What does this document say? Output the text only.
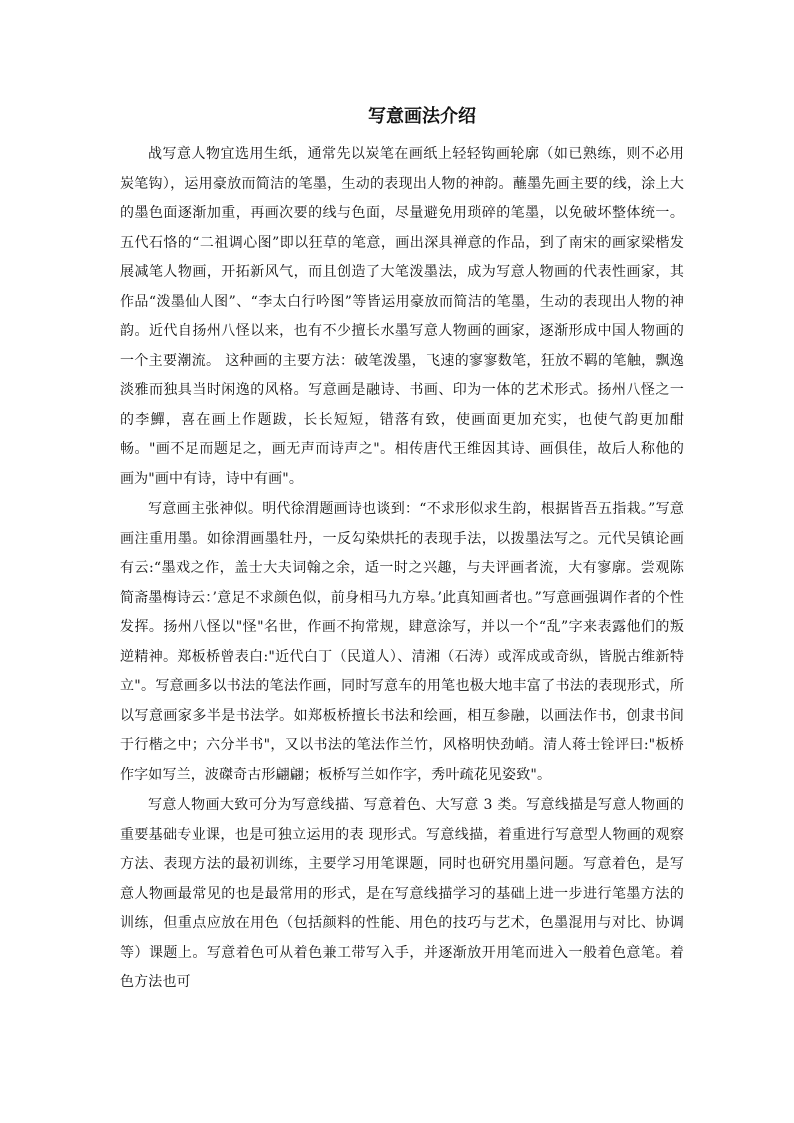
写意画法介绍

战写意人物宜选用生纸，通常先以炭笔在画纸上轻轻钩画轮廓（如已熟练，则不必用炭笔钩），运用豪放而简洁的笔墨，生动的表现出人物的神韵。蘸墨先画主要的线，涂上大的墨色面逐渐加重，再画次要的线与色面，尽量避免用琐碎的笔墨，以免破坏整体统一。 五代石恪的“二祖调心图”即以狂草的笔意，画出深具禅意的作品，到了南宋的画家梁楷发展减笔人物画，开拓新风气，而且创造了大笔泼墨法，成为写意人物画的代表性画家，其作品“泼墨仙人图”、“李太白行吟图”等皆运用豪放而简洁的笔墨，生动的表现出人物的神韵。近代自扬州八怪以来，也有不少擅长水墨写意人物画的画家，逐渐形成中国人物画的一个主要潮流。 这种画的主要方法：破笔泼墨，飞速的寥寥数笔，狂放不羁的笔触，飘逸淡雅而独具当时闲逸的风格。写意画是融诗、书画、印为一体的艺术形式。扬州八怪之一的李鱓，喜在画上作题跋，长长短短，错落有致，使画面更加充实，也使气韵更加酣畅。"画不足而题足之，画无声而诗声之"。相传唐代王维因其诗、画俱佳，故后人称他的画为"画中有诗，诗中有画"。

写意画主张神似。明代徐渭题画诗也谈到：“不求形似求生韵，根据皆吾五指栽。”写意画注重用墨。如徐渭画墨牡丹，一反勾染烘托的表现手法，以拨墨法写之。元代吴镇论画有云:“墨戏之作，盖士大夫词翰之余，适一时之兴趣，与夫评画者流，大有寥廓。尝观陈简斋墨梅诗云：’意足不求颜色似，前身相马九方皋。’此真知画者也。”写意画强调作者的个性发挥。扬州八怪以"怪"名世，作画不拘常规，肆意涂写，并以一个“乱”字来表露他们的叛逆精神。郑板桥曾表白:"近代白丁（民道人）、清湘（石涛）或浑成或奇纵，皆脱古维新特立"。写意画多以书法的笔法作画，同时写意车的用笔也极大地丰富了书法的表现形式，所以写意画家多半是书法学。如郑板桥擅长书法和绘画，相互参融，以画法作书，创隶书间于行楷之中；六分半书"，又以书法的笔法作兰竹，风格明快劲峭。清人蒋士铨评曰:"板桥作字如写兰，波磔奇古形翩翩；板桥写兰如作字，秀叶疏花见姿致"。

写意人物画大致可分为写意线描、写意着色、大写意 3 类。写意线描是写意人物画的重要基础专业课，也是可独立运用的表 现形式。写意线描，着重进行写意型人物画的观察方法、表现方法的最初训练，主要学习用笔课题，同时也研究用墨问题。写意着色，是写意人物画最常见的也是最常用的形式，是在写意线描学习的基础上进一步进行笔墨方法的训练，但重点应放在用色（包括颜料的性能、用色的技巧与艺术，色墨混用与对比、协调等）课题上。写意着色可从着色兼工带写入手，并逐渐放开用笔而进入一般着色意笔。着色方法也可
